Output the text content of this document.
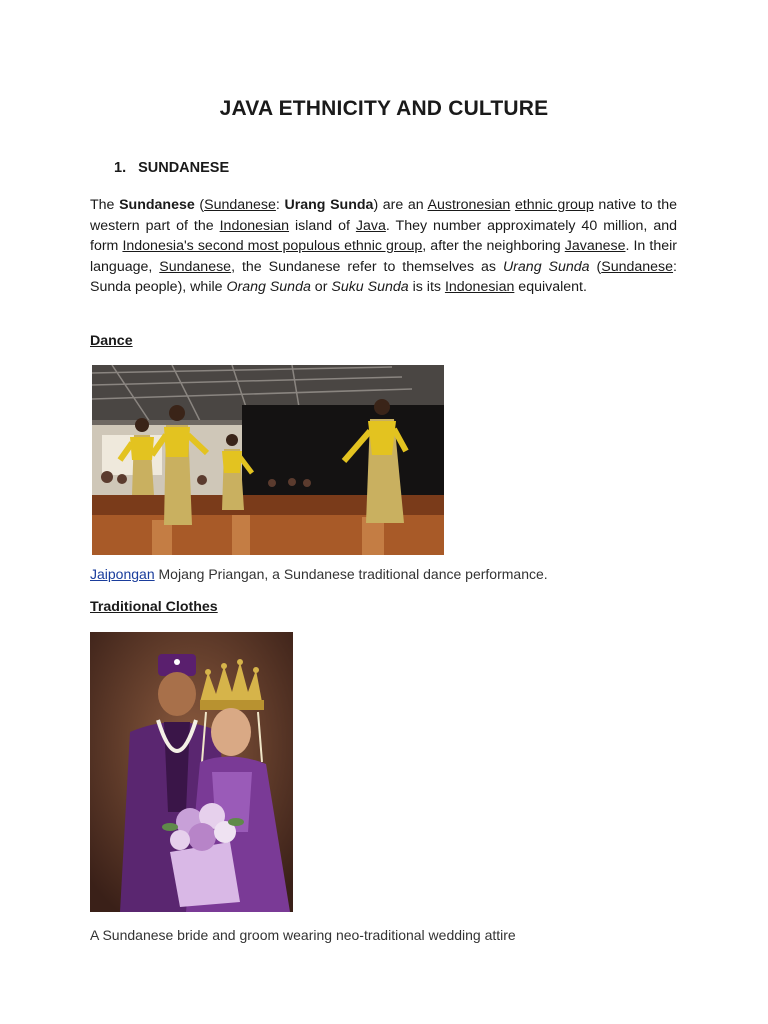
JAVA ETHNICITY AND CULTURE
1. SUNDANESE
The Sundanese (Sundanese: Urang Sunda) are an Austronesian ethnic group native to the western part of the Indonesian island of Java. They number approximately 40 million, and form Indonesia's second most populous ethnic group, after the neighboring Javanese. In their language, Sundanese, the Sundanese refer to themselves as Urang Sunda (Sundanese: Sunda people), while Orang Sunda or Suku Sunda is its Indonesian equivalent.
Dance
Jaipongan Mojang Priangan, a Sundanese traditional dance performance.
Traditional Clothes
A Sundanese bride and groom wearing neo-traditional wedding attire
